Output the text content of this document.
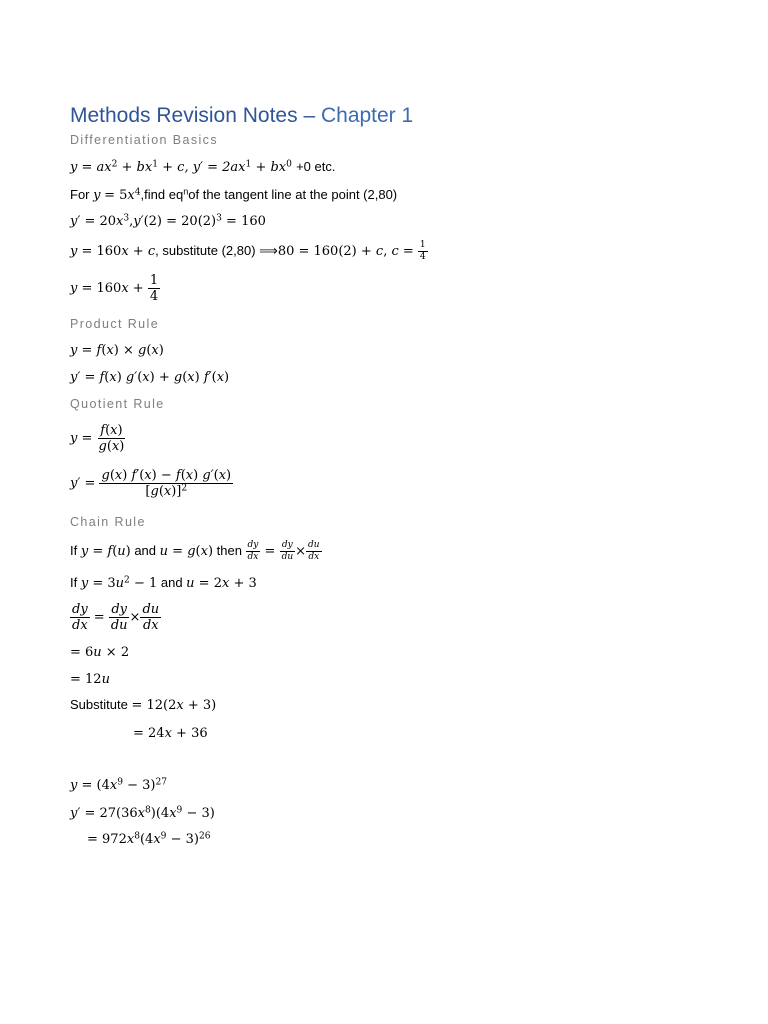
Methods Revision Notes – Chapter 1
Differentiation Basics
$y = ax^2 + bx^1 + c$, $y' = 2ax^1 + bx^0 +0$ etc.
For $y = 5x^4,find$ $eq^nof$ the tangent line at the point (2,80)
$y' = 20x^3,y'(2) = 20(2)^3 = 160$
y = 160x + c, substitute (2,80) ⟹80 = 160(2) + c, $c = \frac{1}{4}$
$y = 160x + \frac{1}{4}$
Product Rule
y = f(x) × g(x)
y′ = f(x) g′(x) + g(x) f′(x)
Quotient Rule
$y = \frac{f(x)}{g(x)}$
$y' = \frac{g(x) f'(x) - f(x) g'(x)}{[g(x)]^2}$
Chain Rule
If y = f(u) and u = g(x) then $\frac{dy}{dx} = \frac{dy}{du} \times \frac{du}{dx}$
If $y = 3u^2 - 1$ and u = 2x + 3
$\frac{dy}{dx} = \frac{dy}{du} \times \frac{du}{dx}$
= 6u × 2
= 12u
Substitute = 12(2x + 3)
= 24x + 36
$y = (4x^9 - 3)^{27}$
$y' = 27(36x^8)(4x^9 - 3)$
= $972x^8(4x^9 - 3)^{26}$
